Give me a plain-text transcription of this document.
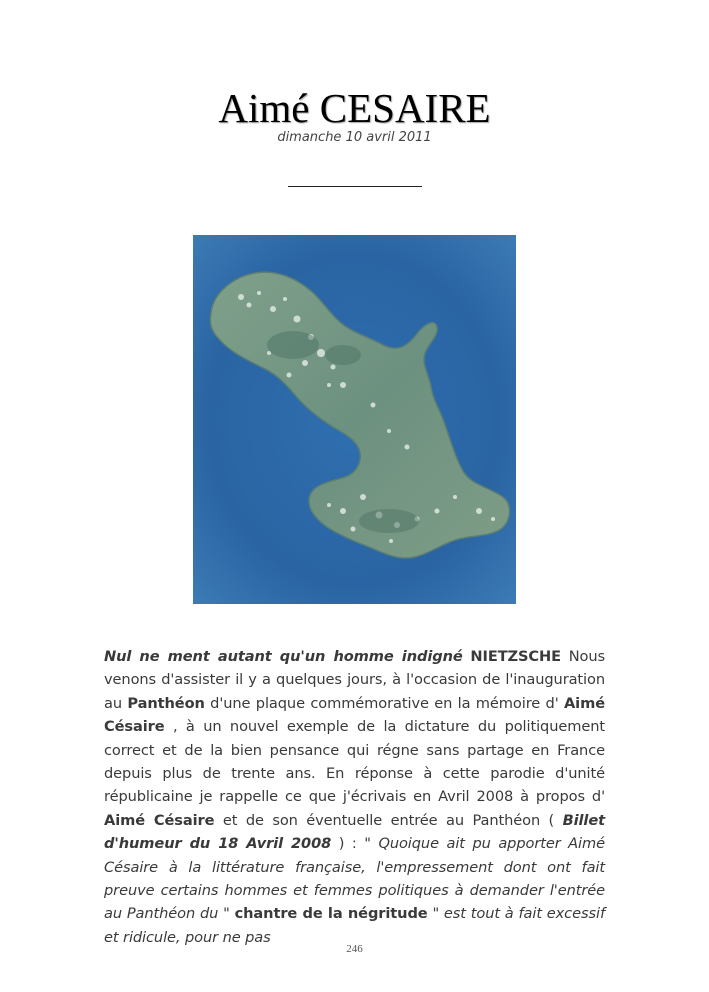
Aimé CESAIRE
dimanche 10 avril 2011
Nul ne ment autant qu'un homme indigné NIETZSCHE Nous venons d'assister il y a quelques jours, à l'occasion de l'inauguration au Panthéon d'une plaque commémorative en la mémoire d' Aimé Césaire , à un nouvel exemple de la dictature du politiquement correct et de la bien pensance qui régne sans partage en France depuis plus de trente ans. En réponse à cette parodie d'unité républicaine je rappelle ce que j'écrivais en Avril 2008 à propos d' Aimé Césaire et de son éventuelle entrée au Panthéon ( Billet d'humeur du 18 Avril 2008 ) : " Quoique ait pu apporter Aimé Césaire à la littérature française, l'empressement dont ont fait preuve certains hommes et femmes politiques à demander l'entrée au Panthéon du " chantre de la négritude " est tout à fait excessif et ridicule, pour ne pas
246
